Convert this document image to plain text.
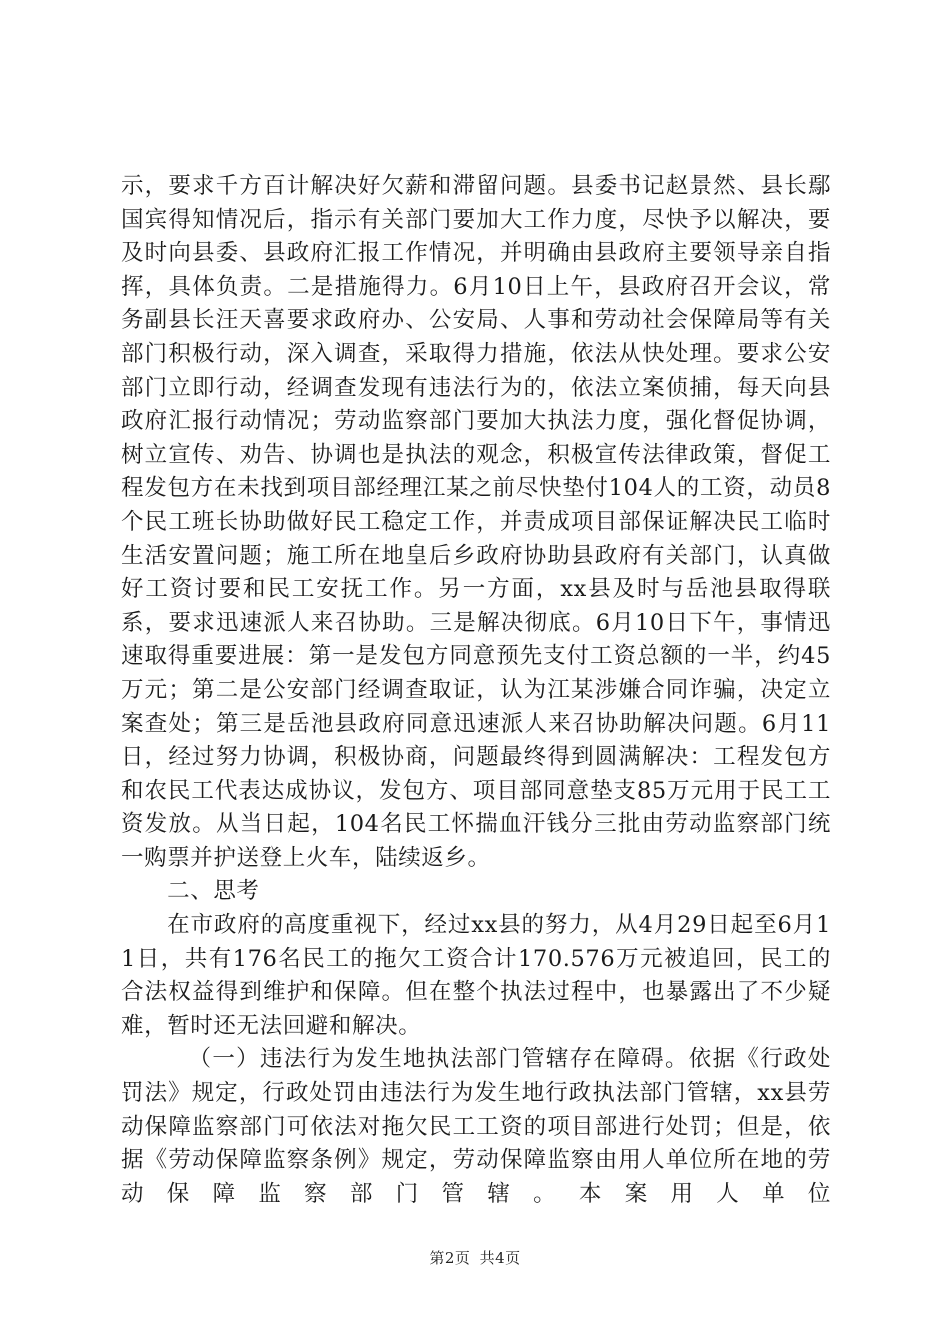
示，要求千方百计解决好欠薪和滞留问题。县委书记赵景然、县长鄢国宾得知情况后，指示有关部门要加大工作力度，尽快予以解决，要及时向县委、县政府汇报工作情况，并明确由县政府主要领导亲自指挥，具体负责。二是措施得力。6月10日上午，县政府召开会议，常务副县长汪天喜要求政府办、公安局、人事和劳动社会保障局等有关部门积极行动，深入调查，采取得力措施，依法从快处理。要求公安部门立即行动，经调查发现有违法行为的，依法立案侦捕，每天向县政府汇报行动情况；劳动监察部门要加大执法力度，强化督促协调，树立宣传、劝告、协调也是执法的观念，积极宣传法律政策，督促工程发包方在未找到项目部经理江某之前尽快垫付104人的工资，动员8个民工班长协助做好民工稳定工作，并责成项目部保证解决民工临时生活安置问题；施工所在地皇后乡政府协助县政府有关部门，认真做好工资讨要和民工安抚工作。另一方面，xx县及时与岳池县取得联系，要求迅速派人来召协助。三是解决彻底。6月10日下午，事情迅速取得重要进展：第一是发包方同意预先支付工资总额的一半，约45万元；第二是公安部门经调查取证，认为江某涉嫌合同诈骗，决定立案查处；第三是岳池县政府同意迅速派人来召协助解决问题。6月11日，经过努力协调，积极协商，问题最终得到圆满解决：工程发包方和农民工代表达成协议，发包方、项目部同意垫支85万元用于民工工资发放。从当日起，104名民工怀揣血汗钱分三批由劳动监察部门统一购票并护送登上火车，陆续返乡。

二、思考

在市政府的高度重视下，经过xx县的努力，从4月29日起至6月11日，共有176名民工的拖欠工资合计170.576万元被追回，民工的合法权益得到维护和保障。但在整个执法过程中，也暴露出了不少疑难，暂时还无法回避和解决。

（一）违法行为发生地执法部门管辖存在障碍。依据《行政处罚法》规定，行政处罚由违法行为发生地行政执法部门管辖，xx县劳动保障监察部门可依法对拖欠民工工资的项目部进行处罚；但是，依据《劳动保障监察条例》规定，劳动保障监察由用人单位所在地的劳动保障监察部门管辖。本案用人单位

第2页 共4页
